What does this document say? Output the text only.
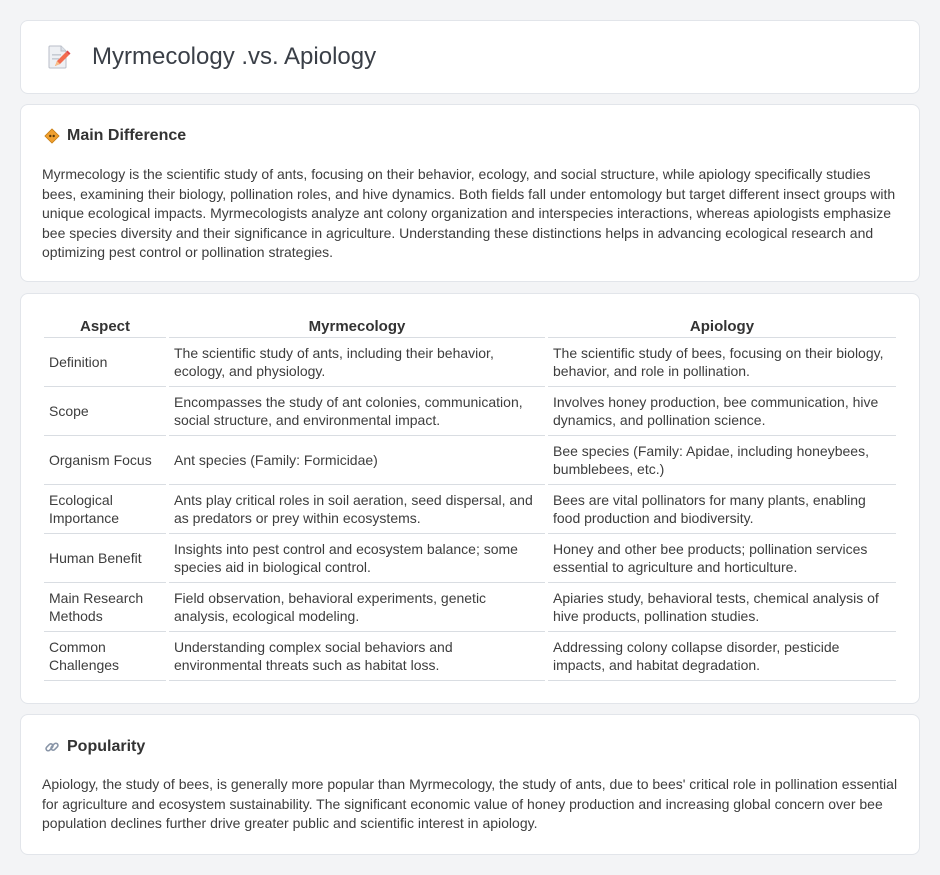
Myrmecology .vs. Apiology
Main Difference

Myrmecology is the scientific study of ants, focusing on their behavior, ecology, and social structure, while apiology specifically studies bees, examining their biology, pollination roles, and hive dynamics. Both fields fall under entomology but target different insect groups with unique ecological impacts. Myrmecologists analyze ant colony organization and interspecies interactions, whereas apiologists emphasize bee species diversity and their significance in agriculture. Understanding these distinctions helps in advancing ecological research and optimizing pest control or pollination strategies.

Aspect	Myrmecology	Apiology
Definition	The scientific study of ants, including their behavior, ecology, and physiology.	The scientific study of bees, focusing on their biology, behavior, and role in pollination.
Scope	Encompasses the study of ant colonies, communication, social structure, and environmental impact.	Involves honey production, bee communication, hive dynamics, and pollination science.
Organism Focus	Ant species (Family: Formicidae)	Bee species (Family: Apidae, including honeybees, bumblebees, etc.)
Ecological Importance	Ants play critical roles in soil aeration, seed dispersal, and as predators or prey within ecosystems.	Bees are vital pollinators for many plants, enabling food production and biodiversity.
Human Benefit	Insights into pest control and ecosystem balance; some species aid in biological control.	Honey and other bee products; pollination services essential to agriculture and horticulture.
Main Research Methods	Field observation, behavioral experiments, genetic analysis, ecological modeling.	Apiaries study, behavioral tests, chemical analysis of hive products, pollination studies.
Common Challenges	Understanding complex social behaviors and environmental threats such as habitat loss.	Addressing colony collapse disorder, pesticide impacts, and habitat degradation.
Popularity

Apiology, the study of bees, is generally more popular than Myrmecology, the study of ants, due to bees' critical role in pollination essential for agriculture and ecosystem sustainability. The significant economic value of honey production and increasing global concern over bee population declines further drive greater public and scientific interest in apiology.
